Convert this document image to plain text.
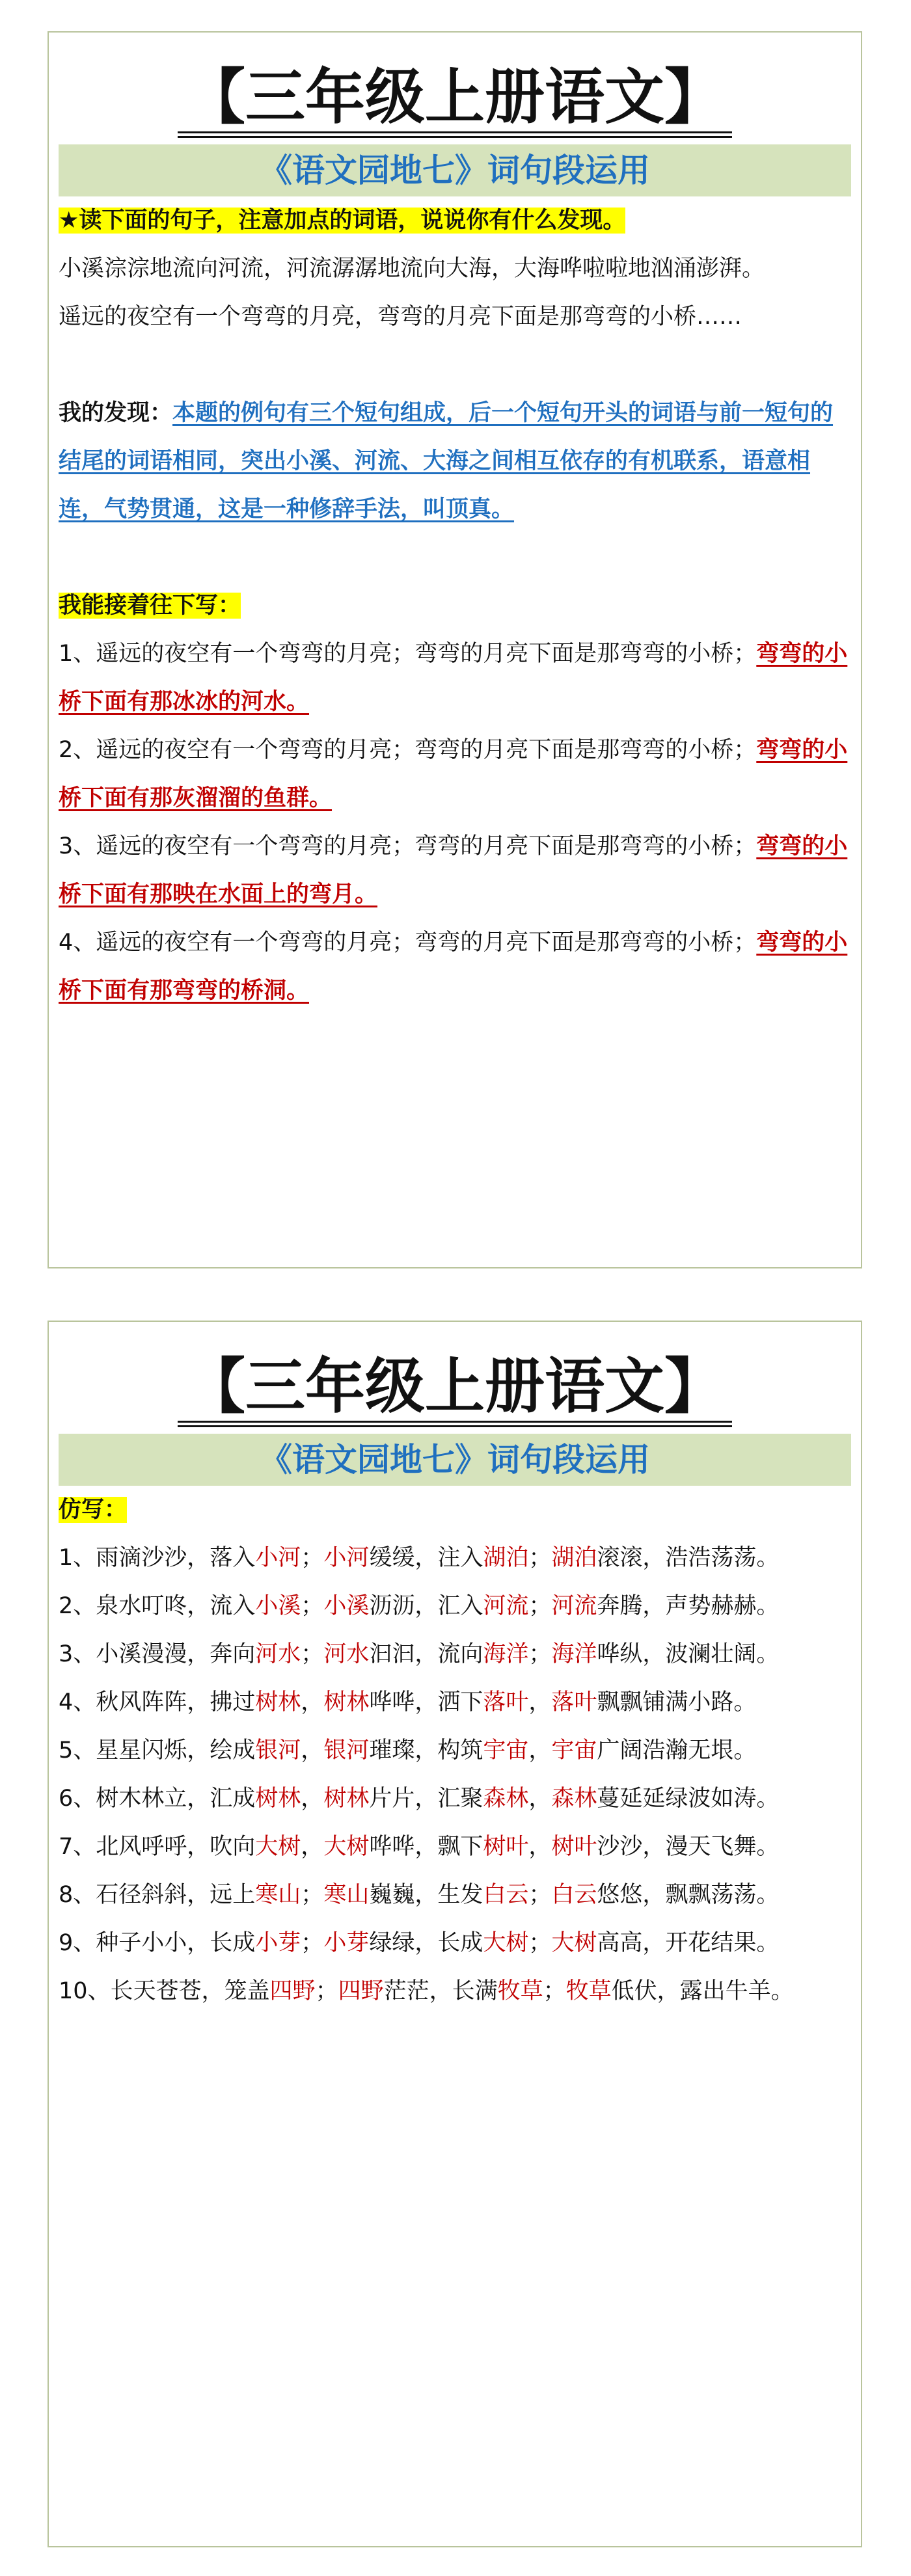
【三年级上册语文】
《语文园地七》词句段运用

★读下面的句子，注意加点的词语，说说你有什么发现。

小溪淙淙地流向河流，河流潺潺地流向大海，大海哗啦啦地汹涌澎湃。

遥远的夜空有一个弯弯的月亮，弯弯的月亮下面是那弯弯的小桥……

我的发现：本题的例句有三个短句组成，后一个短句开头的词语与前一短句的结尾的词语相同，突出小溪、河流、大海之间相互依存的有机联系，语意相连，气势贯通，这是一种修辞手法，叫顶真。

我能接着往下写：

1、遥远的夜空有一个弯弯的月亮；弯弯的月亮下面是那弯弯的小桥；弯弯的小桥下面有那冰冰的河水。

2、遥远的夜空有一个弯弯的月亮；弯弯的月亮下面是那弯弯的小桥；弯弯的小桥下面有那灰溜溜的鱼群。

3、遥远的夜空有一个弯弯的月亮；弯弯的月亮下面是那弯弯的小桥；弯弯的小桥下面有那映在水面上的弯月。

4、遥远的夜空有一个弯弯的月亮；弯弯的月亮下面是那弯弯的小桥；弯弯的小桥下面有那弯弯的桥洞。

【三年级上册语文】
《语文园地七》词句段运用

仿写：

1、雨滴沙沙，落入小河；小河缓缓，注入湖泊；湖泊滚滚，浩浩荡荡。

2、泉水叮咚，流入小溪；小溪沥沥，汇入河流；河流奔腾，声势赫赫。

3、小溪漫漫，奔向河水；河水汩汩，流向海洋；海洋哗纵，波澜壮阔。

4、秋风阵阵，拂过树林，树林哗哗，洒下落叶，落叶飘飘铺满小路。

5、星星闪烁，绘成银河，银河璀璨，构筑宇宙，宇宙广阔浩瀚无垠。

6、树木林立，汇成树林，树林片片，汇聚森林，森林蔓延延绿波如涛。

7、北风呼呼，吹向大树，大树哗哗，飘下树叶，树叶沙沙，漫天飞舞。

8、石径斜斜，远上寒山；寒山巍巍，生发白云；白云悠悠，飘飘荡荡。

9、种子小小，长成小芽；小芽绿绿，长成大树；大树高高，开花结果。

10、长天苍苍，笼盖四野；四野茫茫，长满牧草；牧草低伏，露出牛羊。
